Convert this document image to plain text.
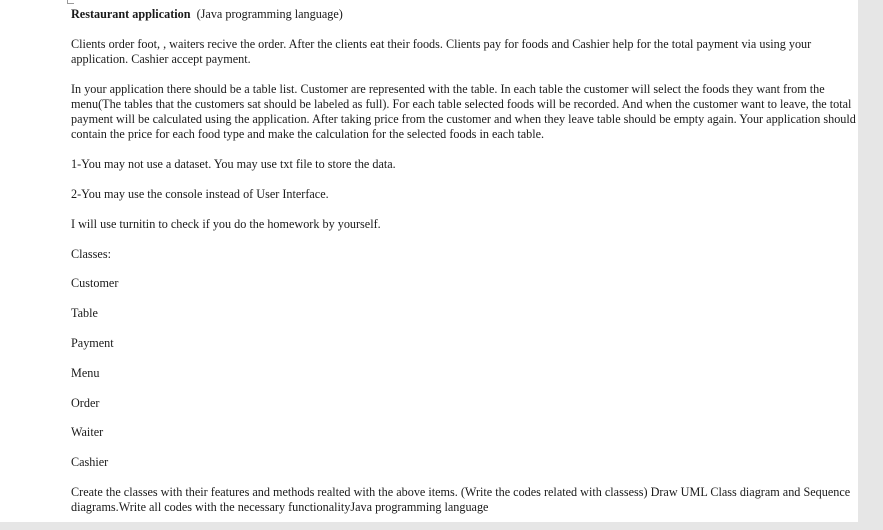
Restaurant application (Java programming language)

Clients order foot, , waiters recive the order. After the clients eat their foods. Clients pay for foods and Cashier help for the total payment via using your application. Cashier accept payment.

In your application there should be a table list. Customer are represented with the table. In each table the customer will select the foods they want from the menu(The tables that the customers sat should be labeled as full). For each table selected foods will be recorded. And when the customer want to leave, the total payment will be calculated using the application. After taking price from the customer and when they leave table should be empty again. Your application should contain the price for each food type and make the calculation for the selected foods in each table.

1-You may not use a dataset. You may use txt file to store the data.

2-You may use the console instead of User Interface.

I will use turnitin to check if you do the homework by yourself.

Classes:

Customer

Table

Payment

Menu

Order

Waiter

Cashier

Create the classes with their features and methods realted with the above items. (Write the codes related with classess) Draw UML Class diagram and Sequence diagrams.Write all codes with the necessary functionalityJava programming language
